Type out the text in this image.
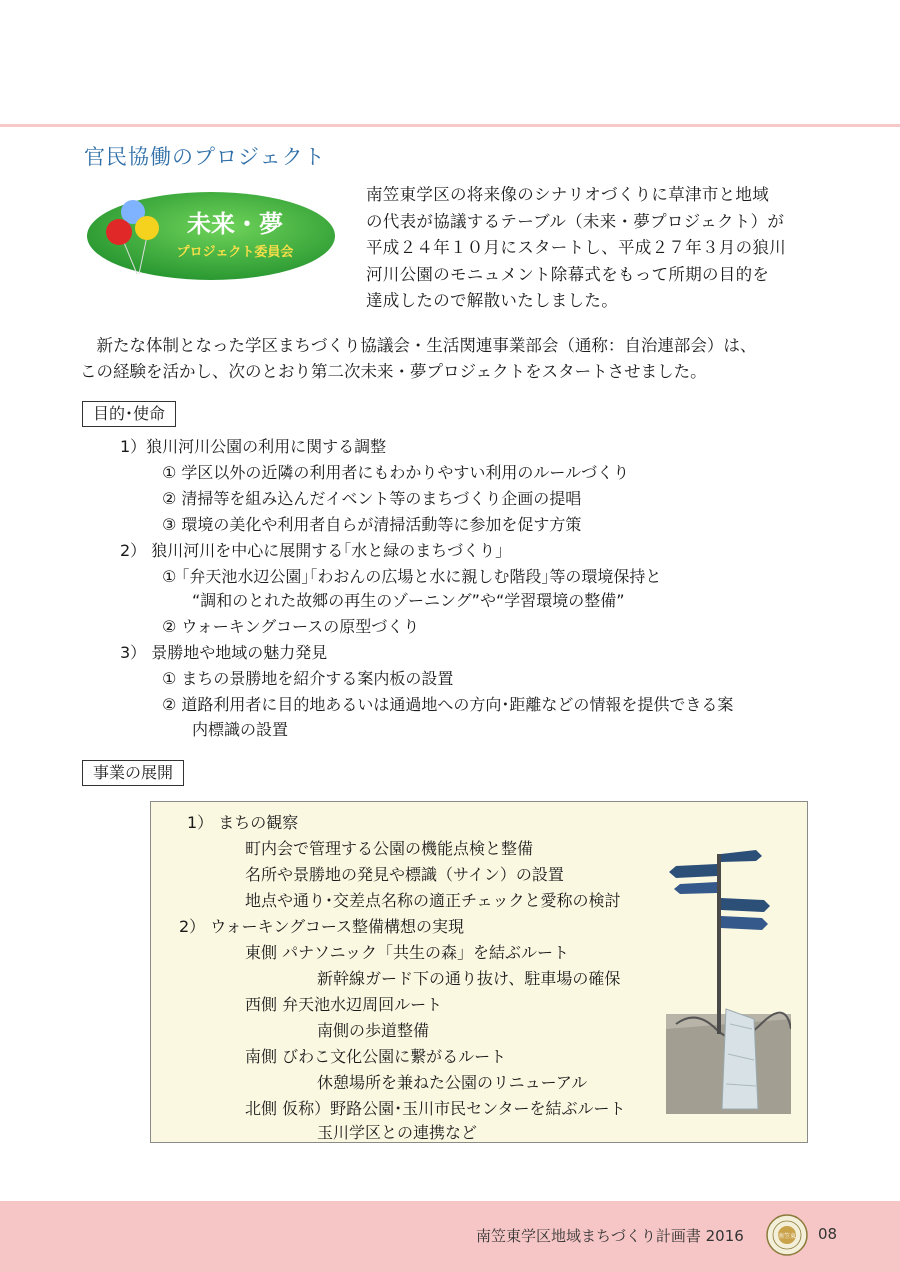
官民協働のプロジェクト
未来・夢
プロジェクト委員会

南笠東学区の将来像のシナリオづくりに草津市と地域

の代表が協議するテーブル（未来・夢プロジェクト）が

平成２４年１０月にスタートし、平成２７年３月の狼川

河川公園のモニュメント除幕式をもって所期の目的を

達成したので解散いたしました。

　新たな体制となった学区まちづくり協議会・生活関連事業部会（通称：自治連部会）は、

この経験を活かし、次のとおり第二次未来・夢プロジェクトをスタートさせました。

目的･使命
1）狼川河川公園の利用に関する調整
① 学区以外の近隣の利用者にもわかりやすい利用のルールづくり
② 清掃等を組み込んだイベント等のまちづくり企画の提唱
③ 環境の美化や利用者自らが清掃活動等に参加を促す方策
2） 狼川河川を中心に展開する｢水と緑のまちづくり｣
① ｢弁天池水辺公園｣｢わおんの広場と水に親しむ階段｣等の環境保持と
“調和のとれた故郷の再生のゾーニング”や“学習環境の整備”
② ウォーキングコースの原型づくり
3） 景勝地や地域の魅力発見
① まちの景勝地を紹介する案内板の設置
② 道路利用者に目的地あるいは通過地への方向･距離などの情報を提供できる案
内標識の設置
事業の展開
1） まちの観察
町内会で管理する公園の機能点検と整備
名所や景勝地の発見や標識（サイン）の設置
地点や通り･交差点名称の適正チェックと愛称の検討
2） ウォーキングコース整備構想の実現
東側 パナソニック「共生の森」を結ぶルート
新幹線ガード下の通り抜け、駐車場の確保
西側 弁天池水辺周回ルート
南側の歩道整備
南側 びわこ文化公園に繋がるルート
休憩場所を兼ねた公園のリニューアル
北側 仮称）野路公園･玉川市民センターを結ぶルート
玉川学区との連携など
南笠東学区地域まちづくり計画書 2016	南笠東 08
